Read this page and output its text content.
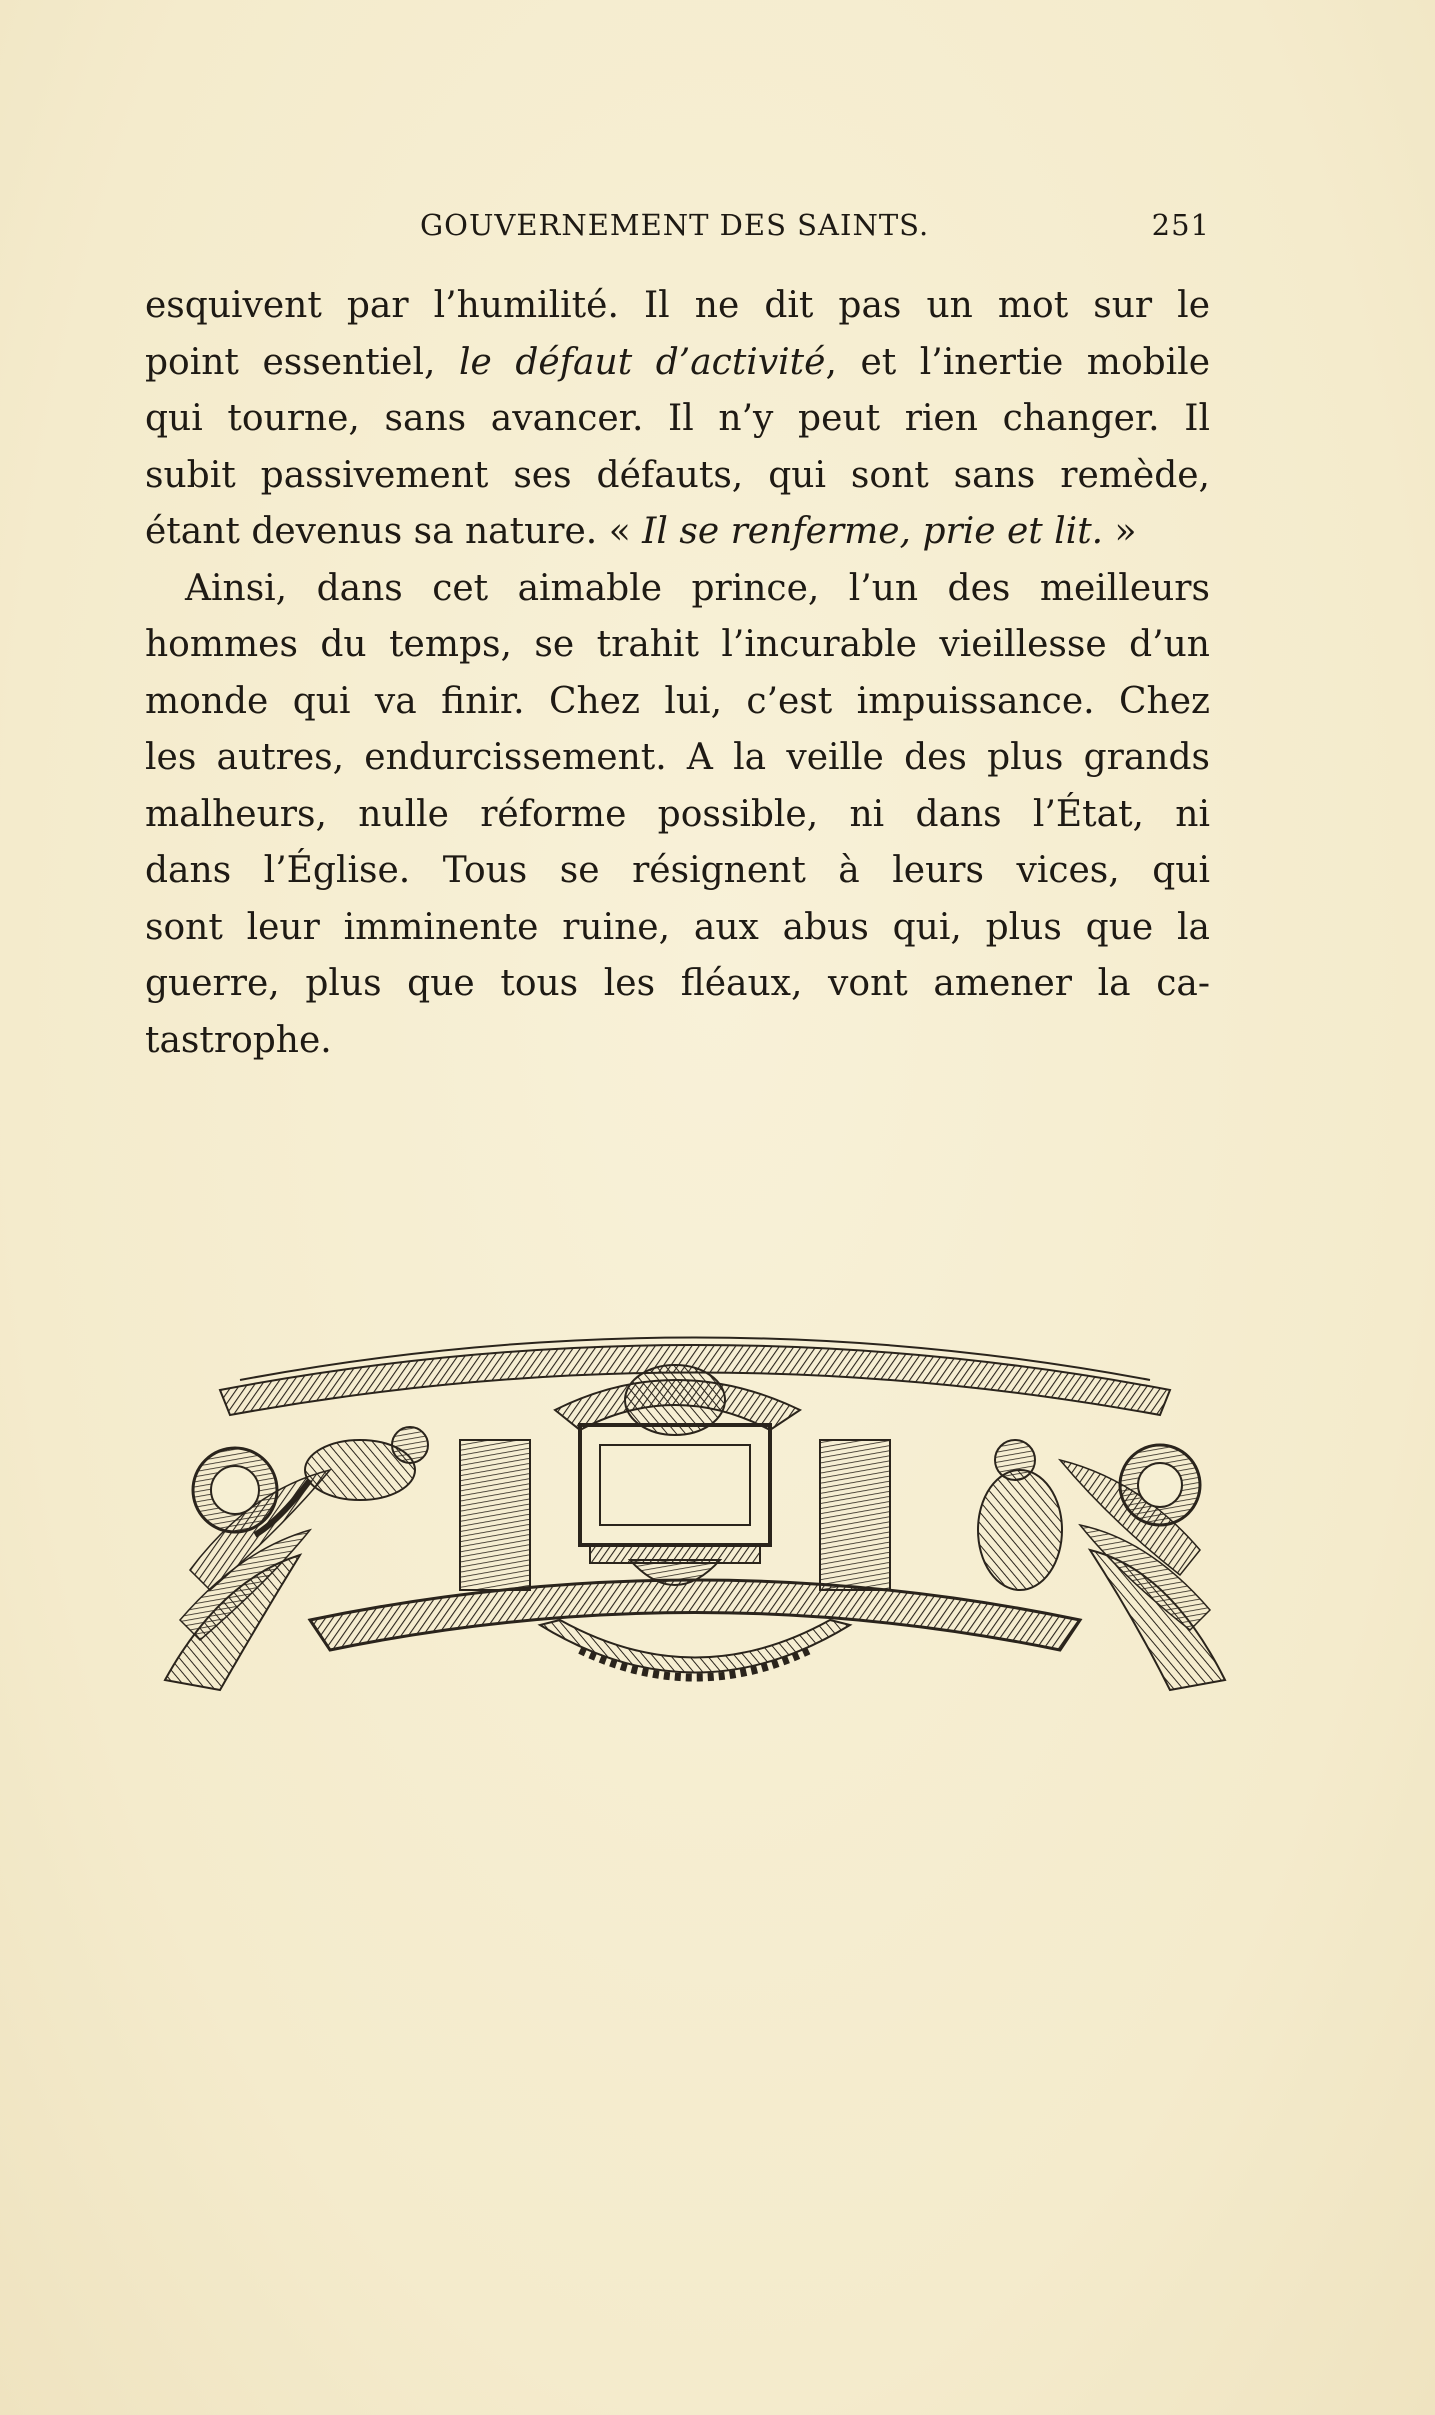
GOUVERNEMENT DES SAINTS.	251
esquivent par l’humilité. Il ne dit pas un mot sur le
point essentiel, le défaut d’activité, et l’inertie mobile
qui tourne, sans avancer. Il n’y peut rien changer. Il
subit passivement ses défauts, qui sont sans remède,
étant devenus sa nature. « Il se renferme, prie et lit. »
Ainsi, dans cet aimable prince, l’un des meilleurs
hommes du temps, se trahit l’incurable vieillesse d’un
monde qui va finir. Chez lui, c’est impuissance. Chez
les autres, endurcissement. A la veille des plus grands
malheurs, nulle réforme possible, ni dans l’État, ni
dans l’Église. Tous se résignent à leurs vices, qui
sont leur imminente ruine, aux abus qui, plus que la
guerre, plus que tous les fléaux, vont amener la ca-
tastrophe.
